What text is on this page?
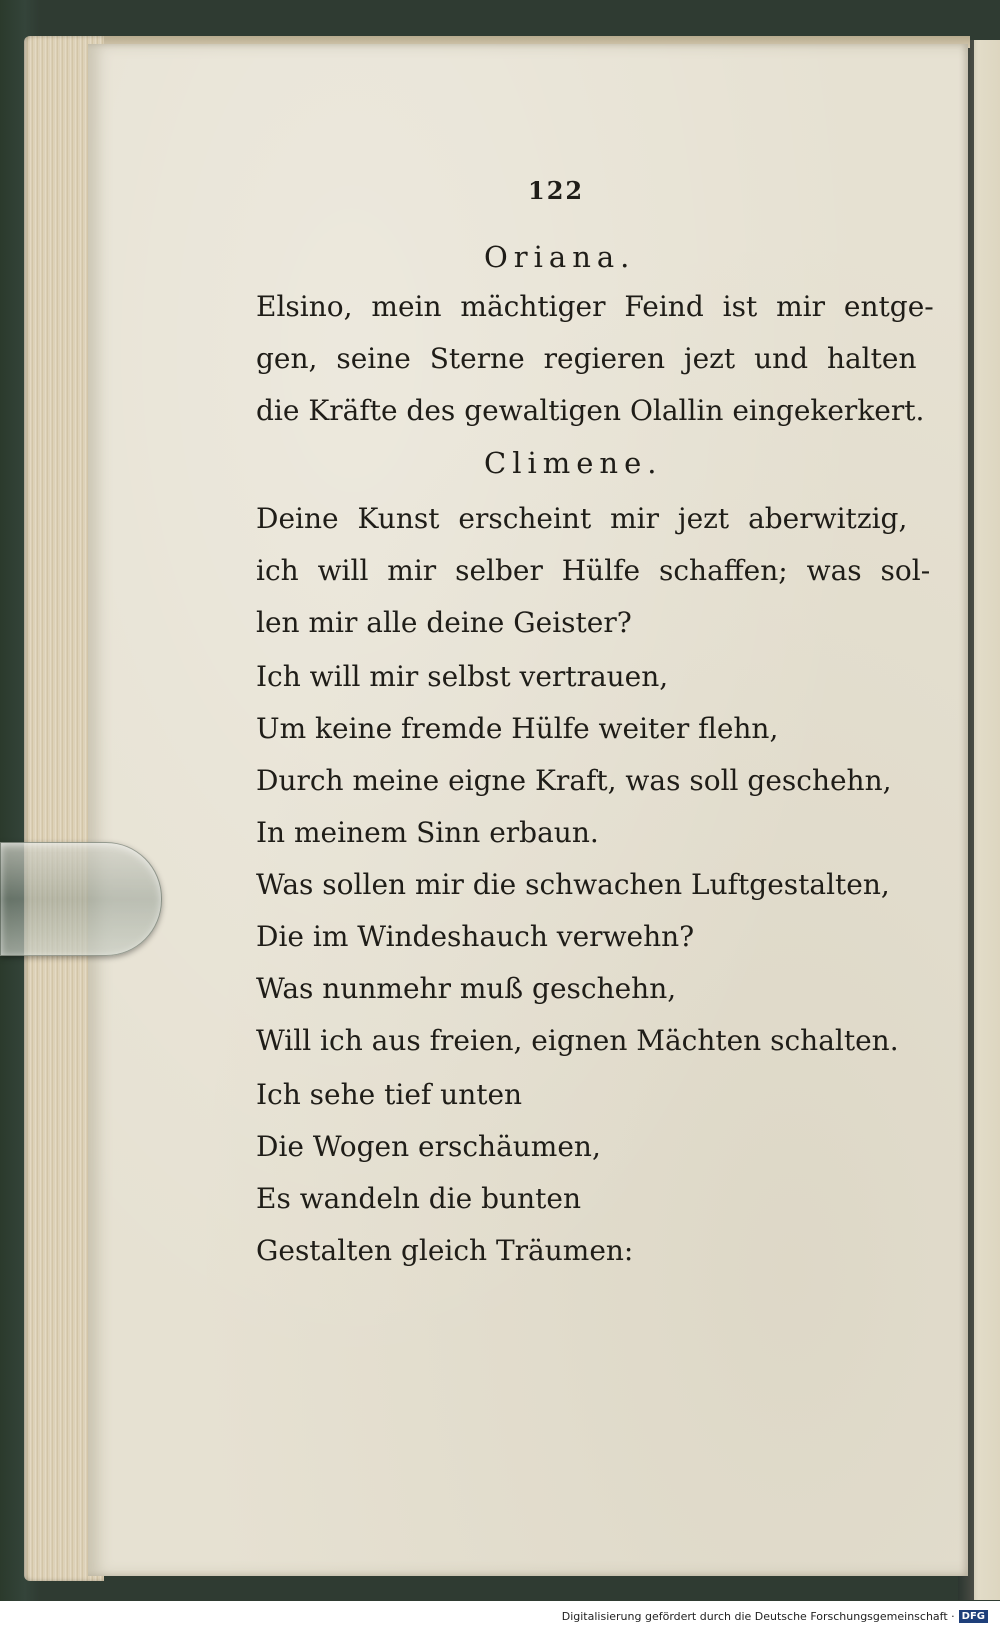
122
Oriana.
Elsino, mein mächtiger Feind ist mir entge-
gen, seine Sterne regieren jezt und halten
die Kräfte des gewaltigen Olallin eingekerkert.
Climene.
Deine Kunst erscheint mir jezt aberwitzig,
ich will mir selber Hülfe schaffen; was sol-
len mir alle deine Geister?
Ich will mir selbst vertrauen,
Um keine fremde Hülfe weiter flehn,
Durch meine eigne Kraft, was soll geschehn,
In meinem Sinn erbaun.
Was sollen mir die schwachen Luftgestalten,
Die im Windeshauch verwehn?
Was nunmehr muß geschehn,
Will ich aus freien, eignen Mächten schalten.
Ich sehe tief unten
Die Wogen erschäumen,
Es wandeln die bunten
Gestalten gleich Träumen:
Digitalisierung gefördert durch die Deutsche Forschungsgemeinschaft · DFG
